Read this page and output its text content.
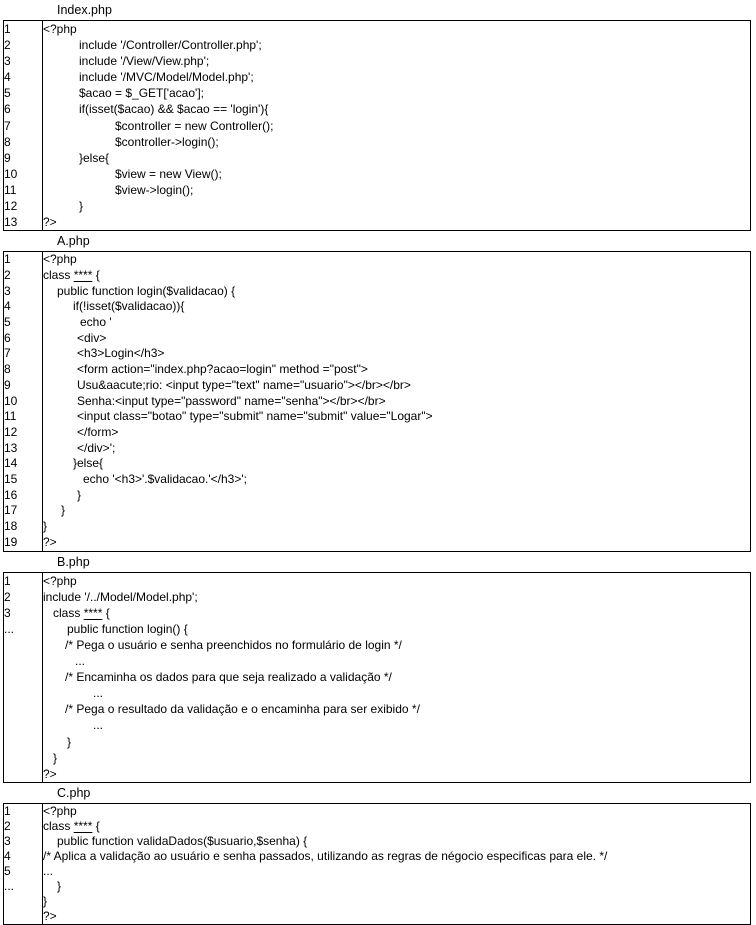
Index.php
1	<?php
2	include '/Controller/Controller.php';
3	include '/View/View.php';
4	include '/MVC/Model/Model.php';
5	$acao = $_GET['acao'];
6	if(isset($acao) && $acao == 'login'){
7	$controller = new Controller();
8	$controller->login();
9	}else{
10	$view = new View();
11	$view->login();
12	}
13	?>
A.php
1	<?php
2	class **** {
3	public function login($validacao) {
4	if(!isset($validacao)){
5	echo '
6	<div>
7	<h3>Login</h3>
8	<form action="index.php?acao=login" method ="post">
9	Usu&aacute;rio: <input type="text" name="usuario"></br></br>
10	Senha:<input type="password" name="senha"></br></br>
11	<input class="botao" type="submit" name="submit" value="Logar">
12	</form>
13	</div>';
14	}else{
15	echo '<h3>'.$validacao.'</h3>';
16	}
17	}
18	}
19	?>
B.php
1	<?php
2	include '/../Model/Model.php';
3	class **** {
...	public function login() {
	/* Pega o usuário e senha preenchidos no formulário de login */
	...
	/* Encaminha os dados para que seja realizado a validação */
	...
	/* Pega o resultado da validação e o encaminha para ser exibido */
	...
	}
	}
	?>
C.php
1	<?php
2	class **** {
3	public function validaDados($usuario,$senha) {
4	/* Aplica a validação ao usuário e senha passados, utilizando as regras de négocio especificas para ele. */
5	...
...	}
	}
	?>
